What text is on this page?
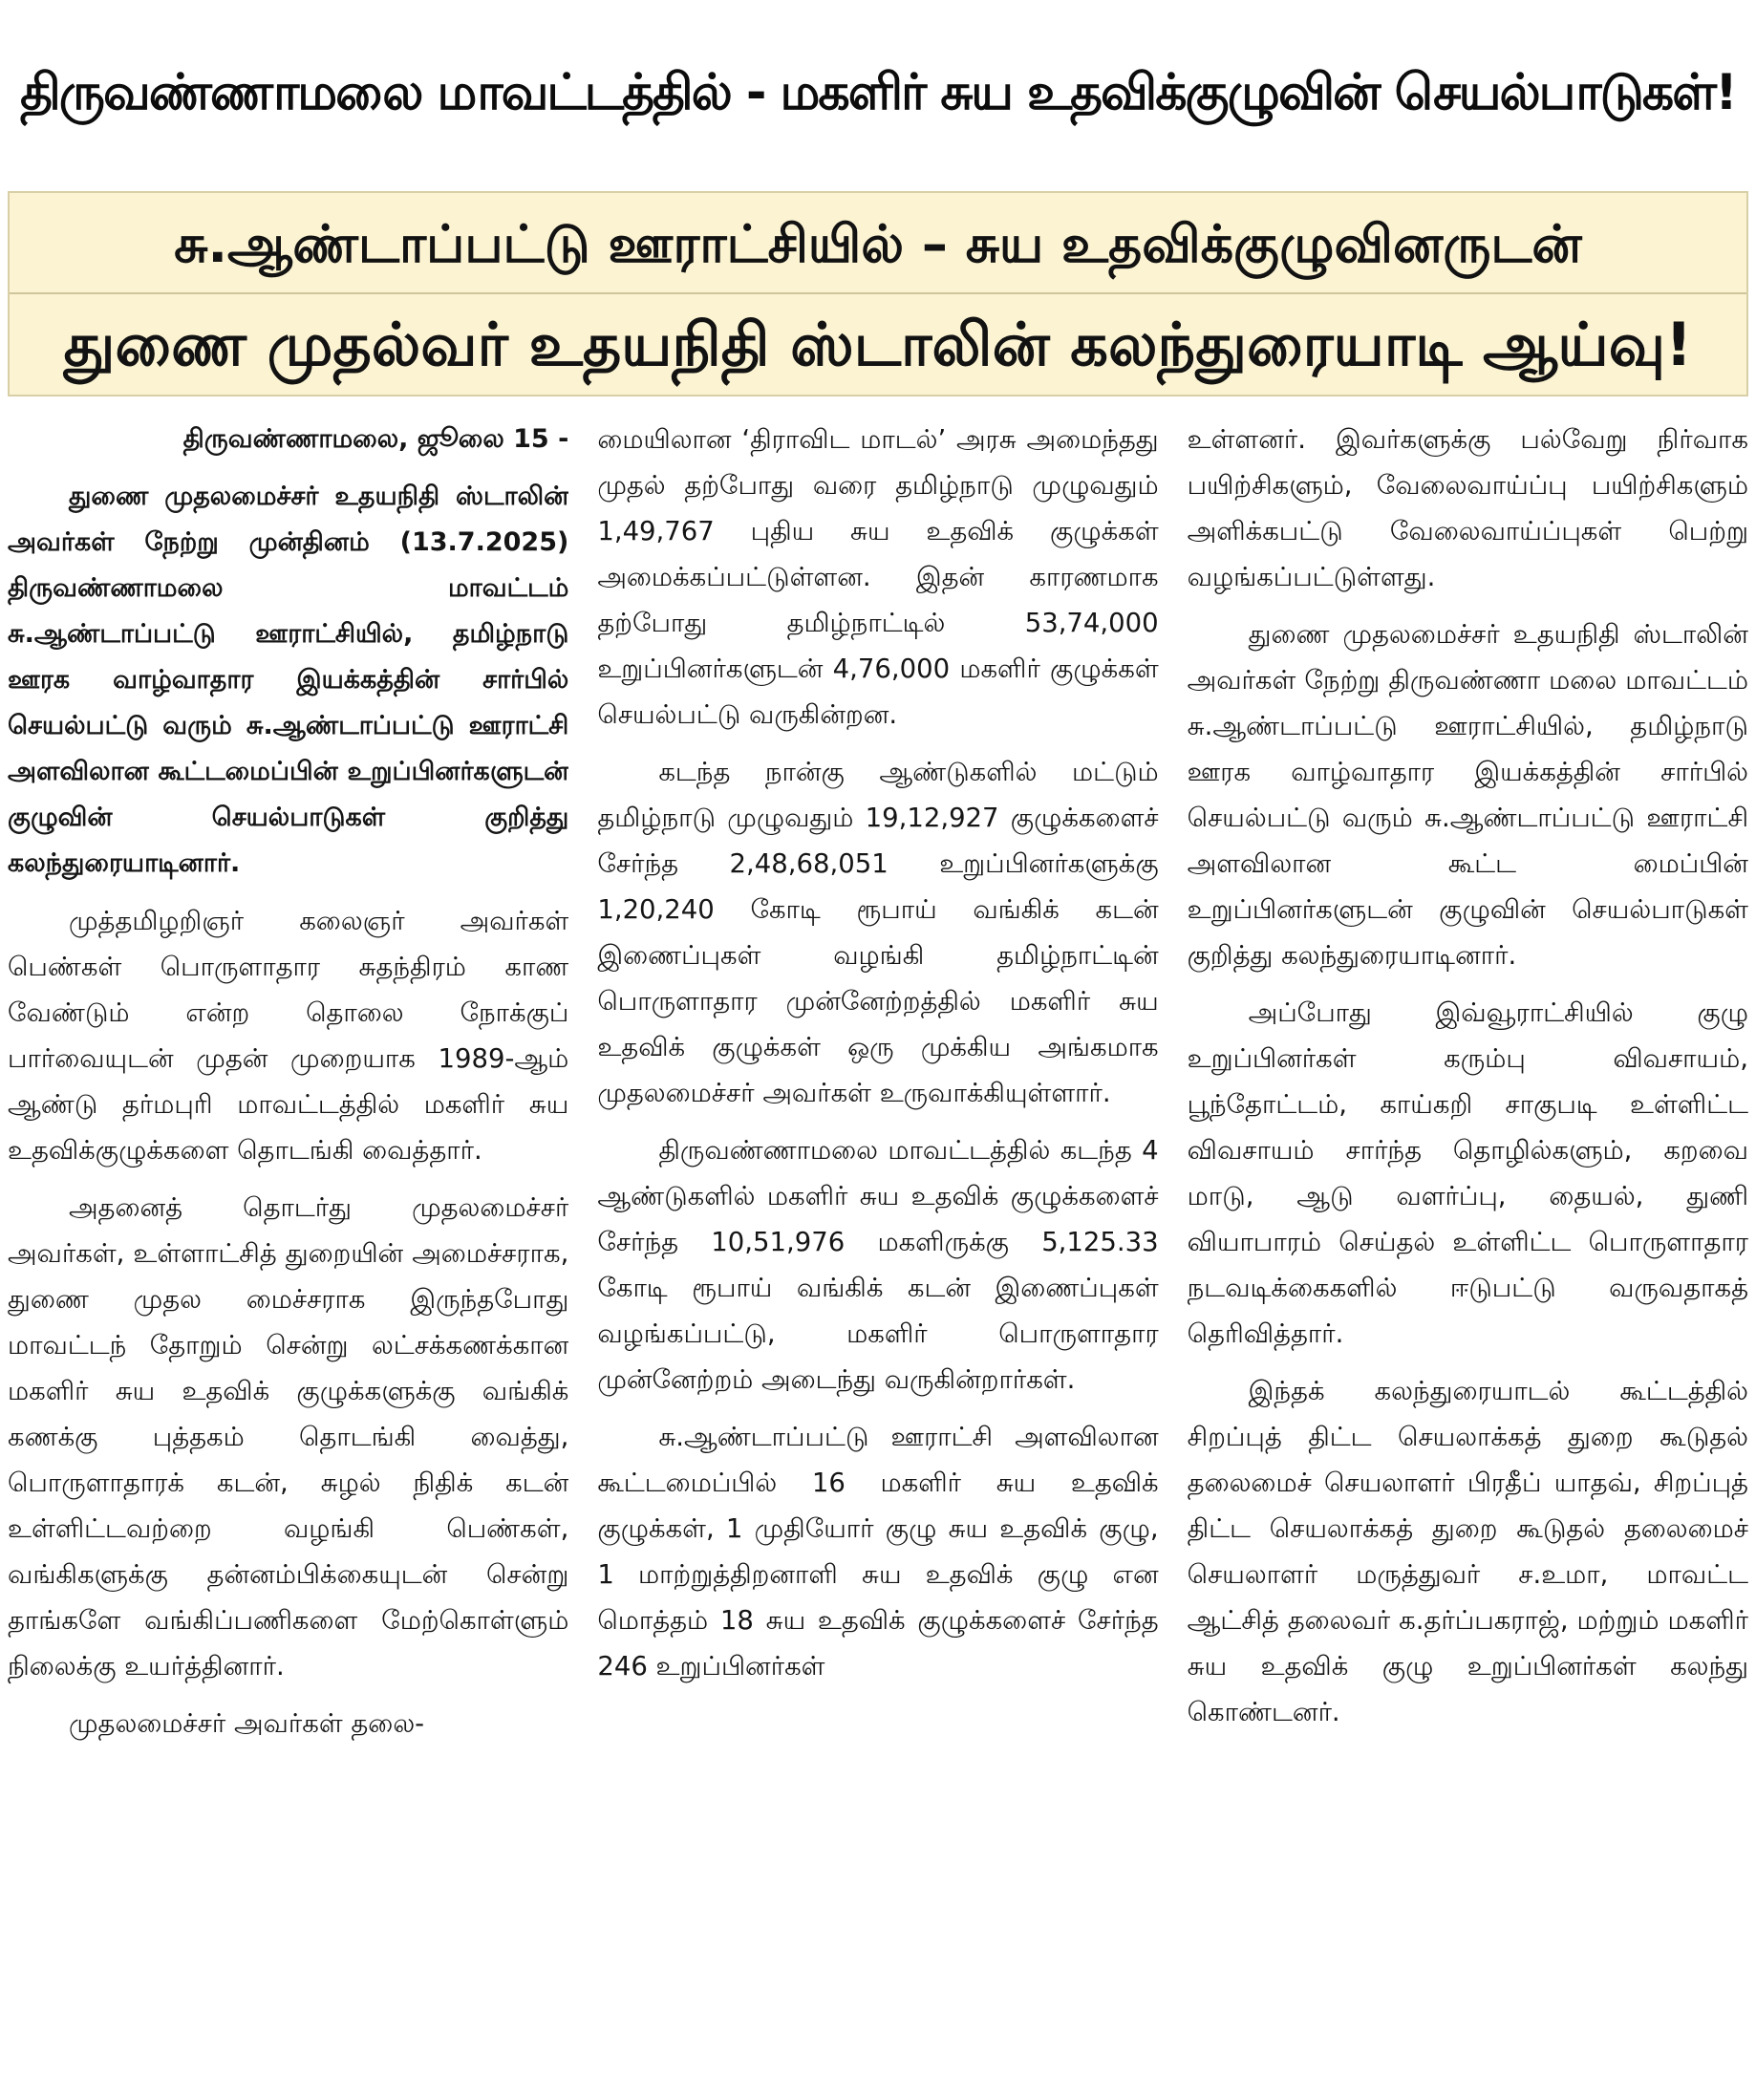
திருவண்ணாமலை மாவட்டத்தில் - மகளிர் சுய உதவிக்குழுவின் செயல்பாடுகள்!
சு.ஆண்டாப்பட்டு ஊராட்சியில் – சுய உதவிக்குழுவினருடன்
துணை முதல்வர் உதயநிதி ஸ்டாலின் கலந்துரையாடி ஆய்வு!

திருவண்ணாமலை, ஜூலை 15 -

துணை முதலமைச்சர் உதயநிதி ஸ்டாலின் அவர்கள் நேற்று முன்தினம் (13.7.2025) திருவண்ணாமலை மாவட்டம் சு.ஆண்டாப்பட்டு ஊராட்சியில், தமிழ்நாடு ஊரக வாழ்வாதார இயக்கத்தின் சார்பில் செயல்பட்டு வரும் சு.ஆண்டாப்பட்டு ஊராட்சி அளவிலான கூட்டமைப்பின் உறுப்பினர்களுடன் குழுவின் செயல்பாடுகள் குறித்து கலந்துரையாடினார்.

முத்தமிழறிஞர் கலைஞர் அவர்கள் பெண்கள் பொருளாதார சுதந்திரம் காண வேண்டும் என்ற தொலை நோக்குப் பார்வையுடன் முதன் முறையாக 1989-ஆம் ஆண்டு தர்மபுரி மாவட்டத்தில் மகளிர் சுய உதவிக்குழுக்களை தொடங்கி வைத்தார்.

அதனைத் தொடர்து முதலமைச்சர் அவர்கள், உள்ளாட்சித் துறையின் அமைச்சராக, துணை முதல மைச்சராக இருந்தபோது மாவட்டந் தோறும் சென்று லட்சக்கணக்கான மகளிர் சுய உதவிக் குழுக்களுக்கு வங்கிக் கணக்கு புத்தகம் தொடங்கி வைத்து, பொருளாதாரக் கடன், சுழல் நிதிக் கடன் உள்ளிட்டவற்றை வழங்கி பெண்கள், வங்கிகளுக்கு தன்னம்பிக்கையுடன் சென்று தாங்களே வங்கிப்பணிகளை மேற்கொள்ளும் நிலைக்கு உயர்த்தினார்.

முதலமைச்சர் அவர்கள் தலை-

மையிலான ‘திராவிட மாடல்’ அரசு அமைந்தது முதல் தற்போது வரை தமிழ்நாடு முழுவதும் 1,49,767 புதிய சுய உதவிக் குழுக்கள் அமைக்கப்பட்டுள்ளன. இதன் காரணமாக தற்போது தமிழ்நாட்டில் 53,74,000 உறுப்பினர்களுடன் 4,76,000 மகளிர் குழுக்கள் செயல்பட்டு வருகின்றன.

கடந்த நான்கு ஆண்டுகளில் மட்டும் தமிழ்நாடு முழுவதும் 19,12,927 குழுக்களைச் சேர்ந்த 2,48,68,051 உறுப்பினர்களுக்கு 1,20,240 கோடி ரூபாய் வங்கிக் கடன் இணைப்புகள் வழங்கி தமிழ்நாட்டின் பொருளாதார முன்னேற்றத்தில் மகளிர் சுய உதவிக் குழுக்கள் ஒரு முக்கிய அங்கமாக முதலமைச்சர் அவர்கள் உருவாக்கியுள்ளார்.

திருவண்ணாமலை மாவட்டத்தில் கடந்த 4 ஆண்டுகளில் மகளிர் சுய உதவிக் குழுக்களைச் சேர்ந்த 10,51,976 மகளிருக்கு 5,125.33 கோடி ரூபாய் வங்கிக் கடன் இணைப்புகள் வழங்கப்பட்டு, மகளிர் பொருளாதார முன்னேற்றம் அடைந்து வருகின்றார்கள்.

சு.ஆண்டாப்பட்டு ஊராட்சி அளவிலான கூட்டமைப்பில் 16 மகளிர் சுய உதவிக் குழுக்கள், 1 முதியோர் குழு சுய உதவிக் குழு, 1 மாற்றுத்திறனாளி சுய உதவிக் குழு என மொத்தம் 18 சுய உதவிக் குழுக்களைச் சேர்ந்த 246 உறுப்பினர்கள்

உள்ளனர். இவர்களுக்கு பல்வேறு நிர்வாக பயிற்சிகளும், வேலைவாய்ப்பு பயிற்சிகளும் அளிக்கபட்டு வேலைவாய்ப்புகள் பெற்று வழங்கப்பட்டுள்ளது.

துணை முதலமைச்சர் உதயநிதி ஸ்டாலின் அவர்கள் நேற்று திருவண்ணா மலை மாவட்டம் சு.ஆண்டாப்பட்டு ஊராட்சியில், தமிழ்நாடு ஊரக வாழ்வாதார இயக்கத்தின் சார்பில் செயல்பட்டு வரும் சு.ஆண்டாப்பட்டு ஊராட்சி அளவிலான கூட்ட மைப்பின் உறுப்பினர்களுடன் குழுவின் செயல்பாடுகள் குறித்து கலந்துரையாடினார்.

அப்போது இவ்வூராட்சியில் குழு உறுப்பினர்கள் கரும்பு விவசாயம், பூந்தோட்டம், காய்கறி சாகுபடி உள்ளிட்ட விவசாயம் சார்ந்த தொழில்களும், கறவை மாடு, ஆடு வளர்ப்பு, தையல், துணி வியாபாரம் செய்தல் உள்ளிட்ட பொருளாதார நடவடிக்கைகளில் ஈடுபட்டு வருவதாகத் தெரிவித்தார்.

இந்தக் கலந்துரையாடல் கூட்டத்தில் சிறப்புத் திட்ட செயலாக்கத் துறை கூடுதல் தலைமைச் செயலாளர் பிரதீப் யாதவ், சிறப்புத் திட்ட செயலாக்கத் துறை கூடுதல் தலைமைச் செயலாளர் மருத்துவர் ச.உமா, மாவட்ட ஆட்சித் தலைவர் க.தர்ப்பகராஜ், மற்றும் மகளிர் சுய உதவிக் குழு உறுப்பினர்கள் கலந்து கொண்டனர்.
